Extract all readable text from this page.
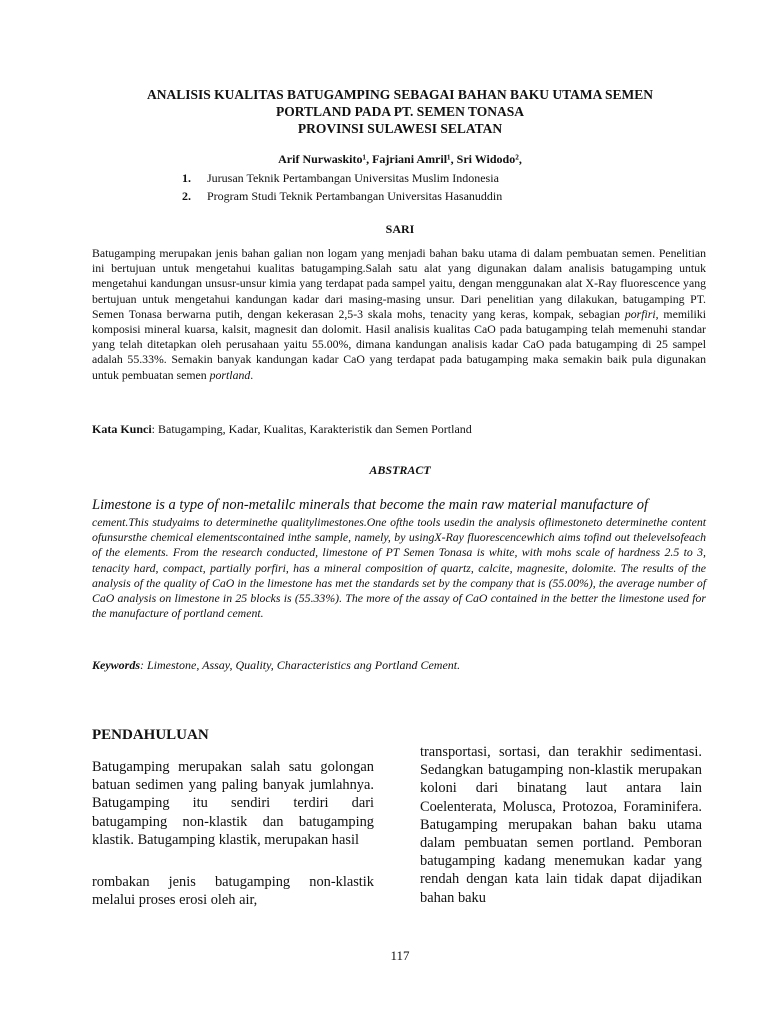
ANALISIS KUALITAS BATUGAMPING SEBAGAI BAHAN BAKU UTAMA SEMEN
PORTLAND PADA PT. SEMEN TONASA
PROVINSI SULAWESI SELATAN
Arif Nurwaskito¹, Fajriani Amril¹, Sri Widodo²,
1.	Jurusan Teknik Pertambangan Universitas Muslim Indonesia
2.	Program Studi Teknik Pertambangan Universitas Hasanuddin
SARI
Batugamping merupakan jenis bahan galian non logam yang menjadi bahan baku utama di dalam pembuatan semen. Penelitian ini bertujuan untuk mengetahui kualitas batugamping.Salah satu alat yang digunakan dalam analisis batugamping untuk mengetahui kandungan unsusr-unsur kimia yang terdapat pada sampel yaitu, dengan menggunakan alat X-Ray fluorescence yang bertujuan untuk mengetahui kandungan kadar dari masing-masing unsur. Dari penelitian yang dilakukan, batugamping PT. Semen Tonasa berwarna putih, dengan kekerasan 2,5-3 skala mohs, tenacity yang keras, kompak, sebagian porfiri, memiliki komposisi mineral kuarsa, kalsit, magnesit dan dolomit. Hasil analisis kualitas CaO pada batugamping telah memenuhi standar yang telah ditetapkan oleh perusahaan yaitu 55.00%, dimana kandungan analisis kadar CaO pada batugamping di 25 sampel adalah 55.33%. Semakin banyak kandungan kadar CaO yang terdapat pada batugamping maka semakin baik pula digunakan untuk pembuatan semen portland.
Kata Kunci: Batugamping, Kadar, Kualitas, Karakteristik dan Semen Portland
ABSTRACT
Limestone is a type of non-metalilc minerals that become the main raw material manufacture of
cement.This studyaims to determinethe qualitylimestones.One ofthe tools usedin the analysis oflimestoneto determinethe content ofunsursthe chemical elementscontained inthe sample, namely, by usingX-Ray fluorescencewhich aims tofind out thelevelsofeach of the elements. From the research conducted, limestone of PT Semen Tonasa is white, with mohs scale of hardness 2.5 to 3, tenacity hard, compact, partially porfiri, has a mineral composition of quartz, calcite, magnesite, dolomite. The results of the analysis of the quality of CaO in the limestone has met the standards set by the company that is (55.00%), the average number of CaO analysis on limestone in 25 blocks is (55.33%). The more of the assay of CaO contained in the better the limestone used for the manufacture of portland cement.
Keywords: Limestone, Assay, Quality, Characteristics ang Portland Cement.
PENDAHULUAN

Batugamping merupakan salah satu golongan batuan sedimen yang paling banyak jumlahnya. Batugamping itu sendiri terdiri dari batugamping non-klastik dan batugamping klastik. Batugamping klastik, merupakan hasil

rombakan jenis batugamping non-klastik melalui proses erosi oleh air,

transportasi, sortasi, dan terakhir sedimentasi. Sedangkan batugamping non-klastik merupakan koloni dari binatang laut antara lain Coelenterata, Molusca, Protozoa, Foraminifera. Batugamping merupakan bahan baku utama dalam pembuatan semen portland. Pemboran batugamping kadang menemukan kadar yang rendah dengan kata lain tidak dapat dijadikan bahan baku

117
